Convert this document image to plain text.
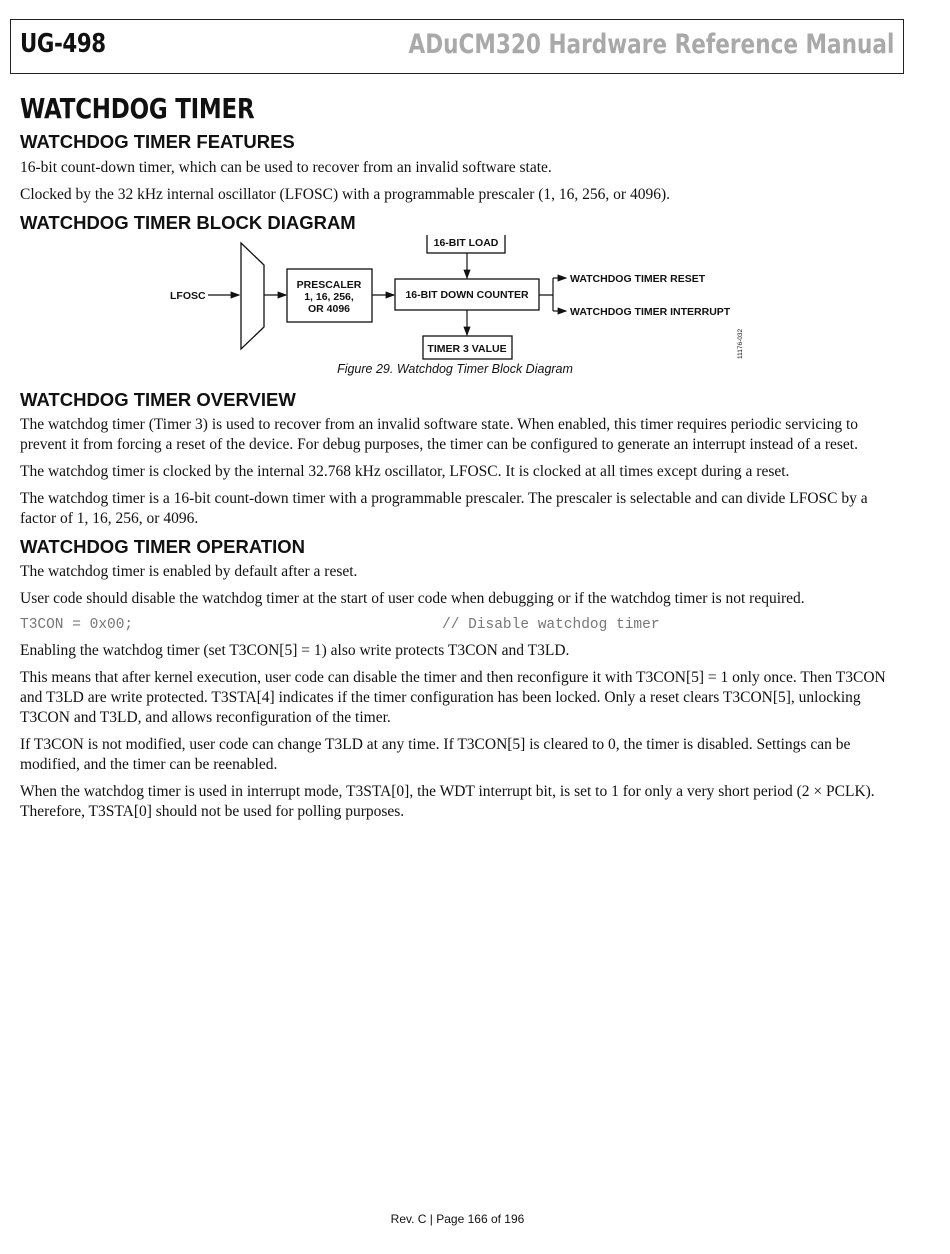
UG-498	ADuCM320 Hardware Reference Manual
WATCHDOG TIMER
WATCHDOG TIMER FEATURES

16-bit count-down timer, which can be used to recover from an invalid software state.

Clocked by the 32 kHz internal oscillator (LFOSC) with a programmable prescaler (1, 16, 256, or 4096).

WATCHDOG TIMER BLOCK DIAGRAM
LFOSC
PRESCALER
1, 16, 256,
OR 4096
16-BIT LOAD
16-BIT DOWN COUNTER
TIMER 3 VALUE
WATCHDOG TIMER RESET
WATCHDOG TIMER INTERRUPT
11176-032
Figure 29. Watchdog Timer Block Diagram
WATCHDOG TIMER OVERVIEW

The watchdog timer (Timer 3) is used to recover from an invalid software state. When enabled, this timer requires periodic servicing to prevent it from forcing a reset of the device. For debug purposes, the timer can be configured to generate an interrupt instead of a reset.

The watchdog timer is clocked by the internal 32.768 kHz oscillator, LFOSC. It is clocked at all times except during a reset.

The watchdog timer is a 16-bit count-down timer with a programmable prescaler. The prescaler is selectable and can divide LFOSC by a factor of 1, 16, 256, or 4096.

WATCHDOG TIMER OPERATION

The watchdog timer is enabled by default after a reset.

User code should disable the watchdog timer at the start of user code when debugging or if the watchdog timer is not required.

T3CON = 0x00;	// Disable watchdog timer

Enabling the watchdog timer (set T3CON[5] = 1) also write protects T3CON and T3LD.

This means that after kernel execution, user code can disable the timer and then reconfigure it with T3CON[5] = 1 only once. Then T3CON and T3LD are write protected. T3STA[4] indicates if the timer configuration has been locked. Only a reset clears T3CON[5], unlocking T3CON and T3LD, and allows reconfiguration of the timer.

If T3CON is not modified, user code can change T3LD at any time. If T3CON[5] is cleared to 0, the timer is disabled. Settings can be modified, and the timer can be reenabled.

When the watchdog timer is used in interrupt mode, T3STA[0], the WDT interrupt bit, is set to 1 for only a very short period (2 × PCLK). Therefore, T3STA[0] should not be used for polling purposes.

Rev. C | Page 166 of 196
